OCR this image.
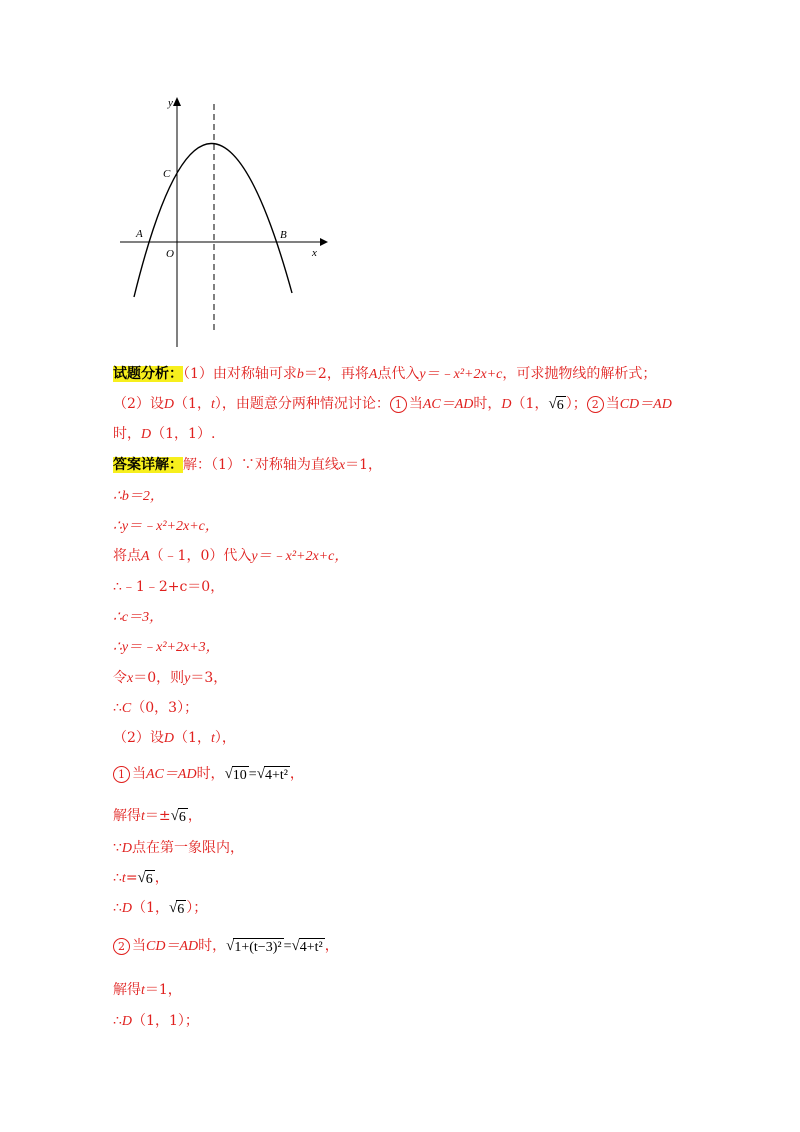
y
x
O
A	B
C
试题分析：（1）由对称轴可求b＝2，再将A点代入y＝﹣x²+2x+c，可求抛物线的解析式；
（2）设D（1，t），由题意分两种情况讨论： 1 当AC＝AD时，D（1， √ 6 ）； 2 当CD＝AD
时，D（1，1）.
答案详解：解：（1）∵对称轴为直线x＝1，
∴b＝2，
∴y＝﹣x²+2x+c，
将点A（﹣1，0）代入y＝﹣x²+2x+c，
∴﹣1﹣2+c＝0，
∴c＝3，
∴y＝﹣x²+2x+3，
令x＝0，则y＝3，
∴C（0，3）；
（2）设D（1，t），
1 当AC＝AD时， √ 10 = √ 4+t² ，
解得t＝± √ 6 ，
∵D点在第一象限内，
∴t= √ 6 ，
∴D（1， √ 6 ）；
2 当CD＝AD时， √ 1+(t−3)² = √ 4+t² ，
解得t＝1，
∴D（1，1）；
